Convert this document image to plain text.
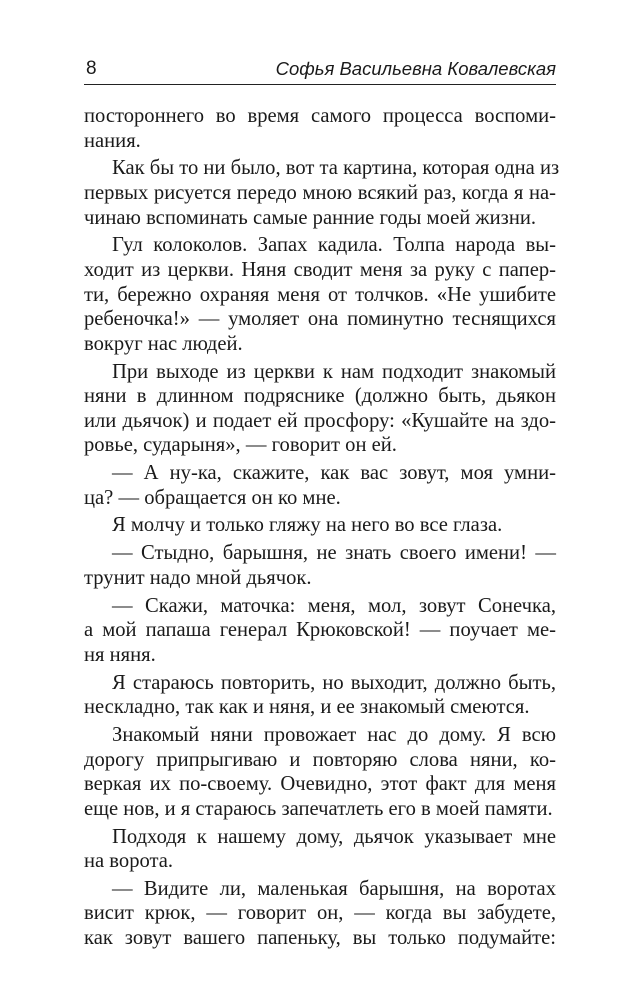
8	Софья Васильевна Ковалевская
постороннего во время самого процесса воспоми-
нания.
Как бы то ни было, вот та картина, которая одна из
первых рисуется передо мною всякий раз, когда я на-
чинаю вспоминать самые ранние годы моей жизни.
Гул колоколов. Запах кадила. Толпа народа вы-
ходит из церкви. Няня сводит меня за руку с папер-
ти, бережно охраняя меня от толчков. «Не ушибите
ребеночка!» — умоляет она поминутно теснящихся
вокруг нас людей.
При выходе из церкви к нам подходит знакомый
няни в длинном подряснике (должно быть, дьякон
или дьячок) и подает ей просфору: «Кушайте на здо-
ровье, сударыня», — говорит он ей.
— А ну-ка, скажите, как вас зовут, моя умни-
ца? — обращается он ко мне.
Я молчу и только гляжу на него во все глаза.
— Стыдно, барышня, не знать своего имени! —
трунит надо мной дьячок.
— Скажи, маточка: меня, мол, зовут Сонечка,
а мой папаша генерал Крюковской! — поучает ме-
ня няня.
Я стараюсь повторить, но выходит, должно быть,
нескладно, так как и няня, и ее знакомый смеются.
Знакомый няни провожает нас до дому. Я всю
дорогу припрыгиваю и повторяю слова няни, ко-
веркая их по-своему. Очевидно, этот факт для меня
еще нов, и я стараюсь запечатлеть его в моей памяти.
Подходя к нашему дому, дьячок указывает мне
на ворота.
— Видите ли, маленькая барышня, на воротах
висит крюк, — говорит он, — когда вы забудете,
как зовут вашего папеньку, вы только подумайте:
